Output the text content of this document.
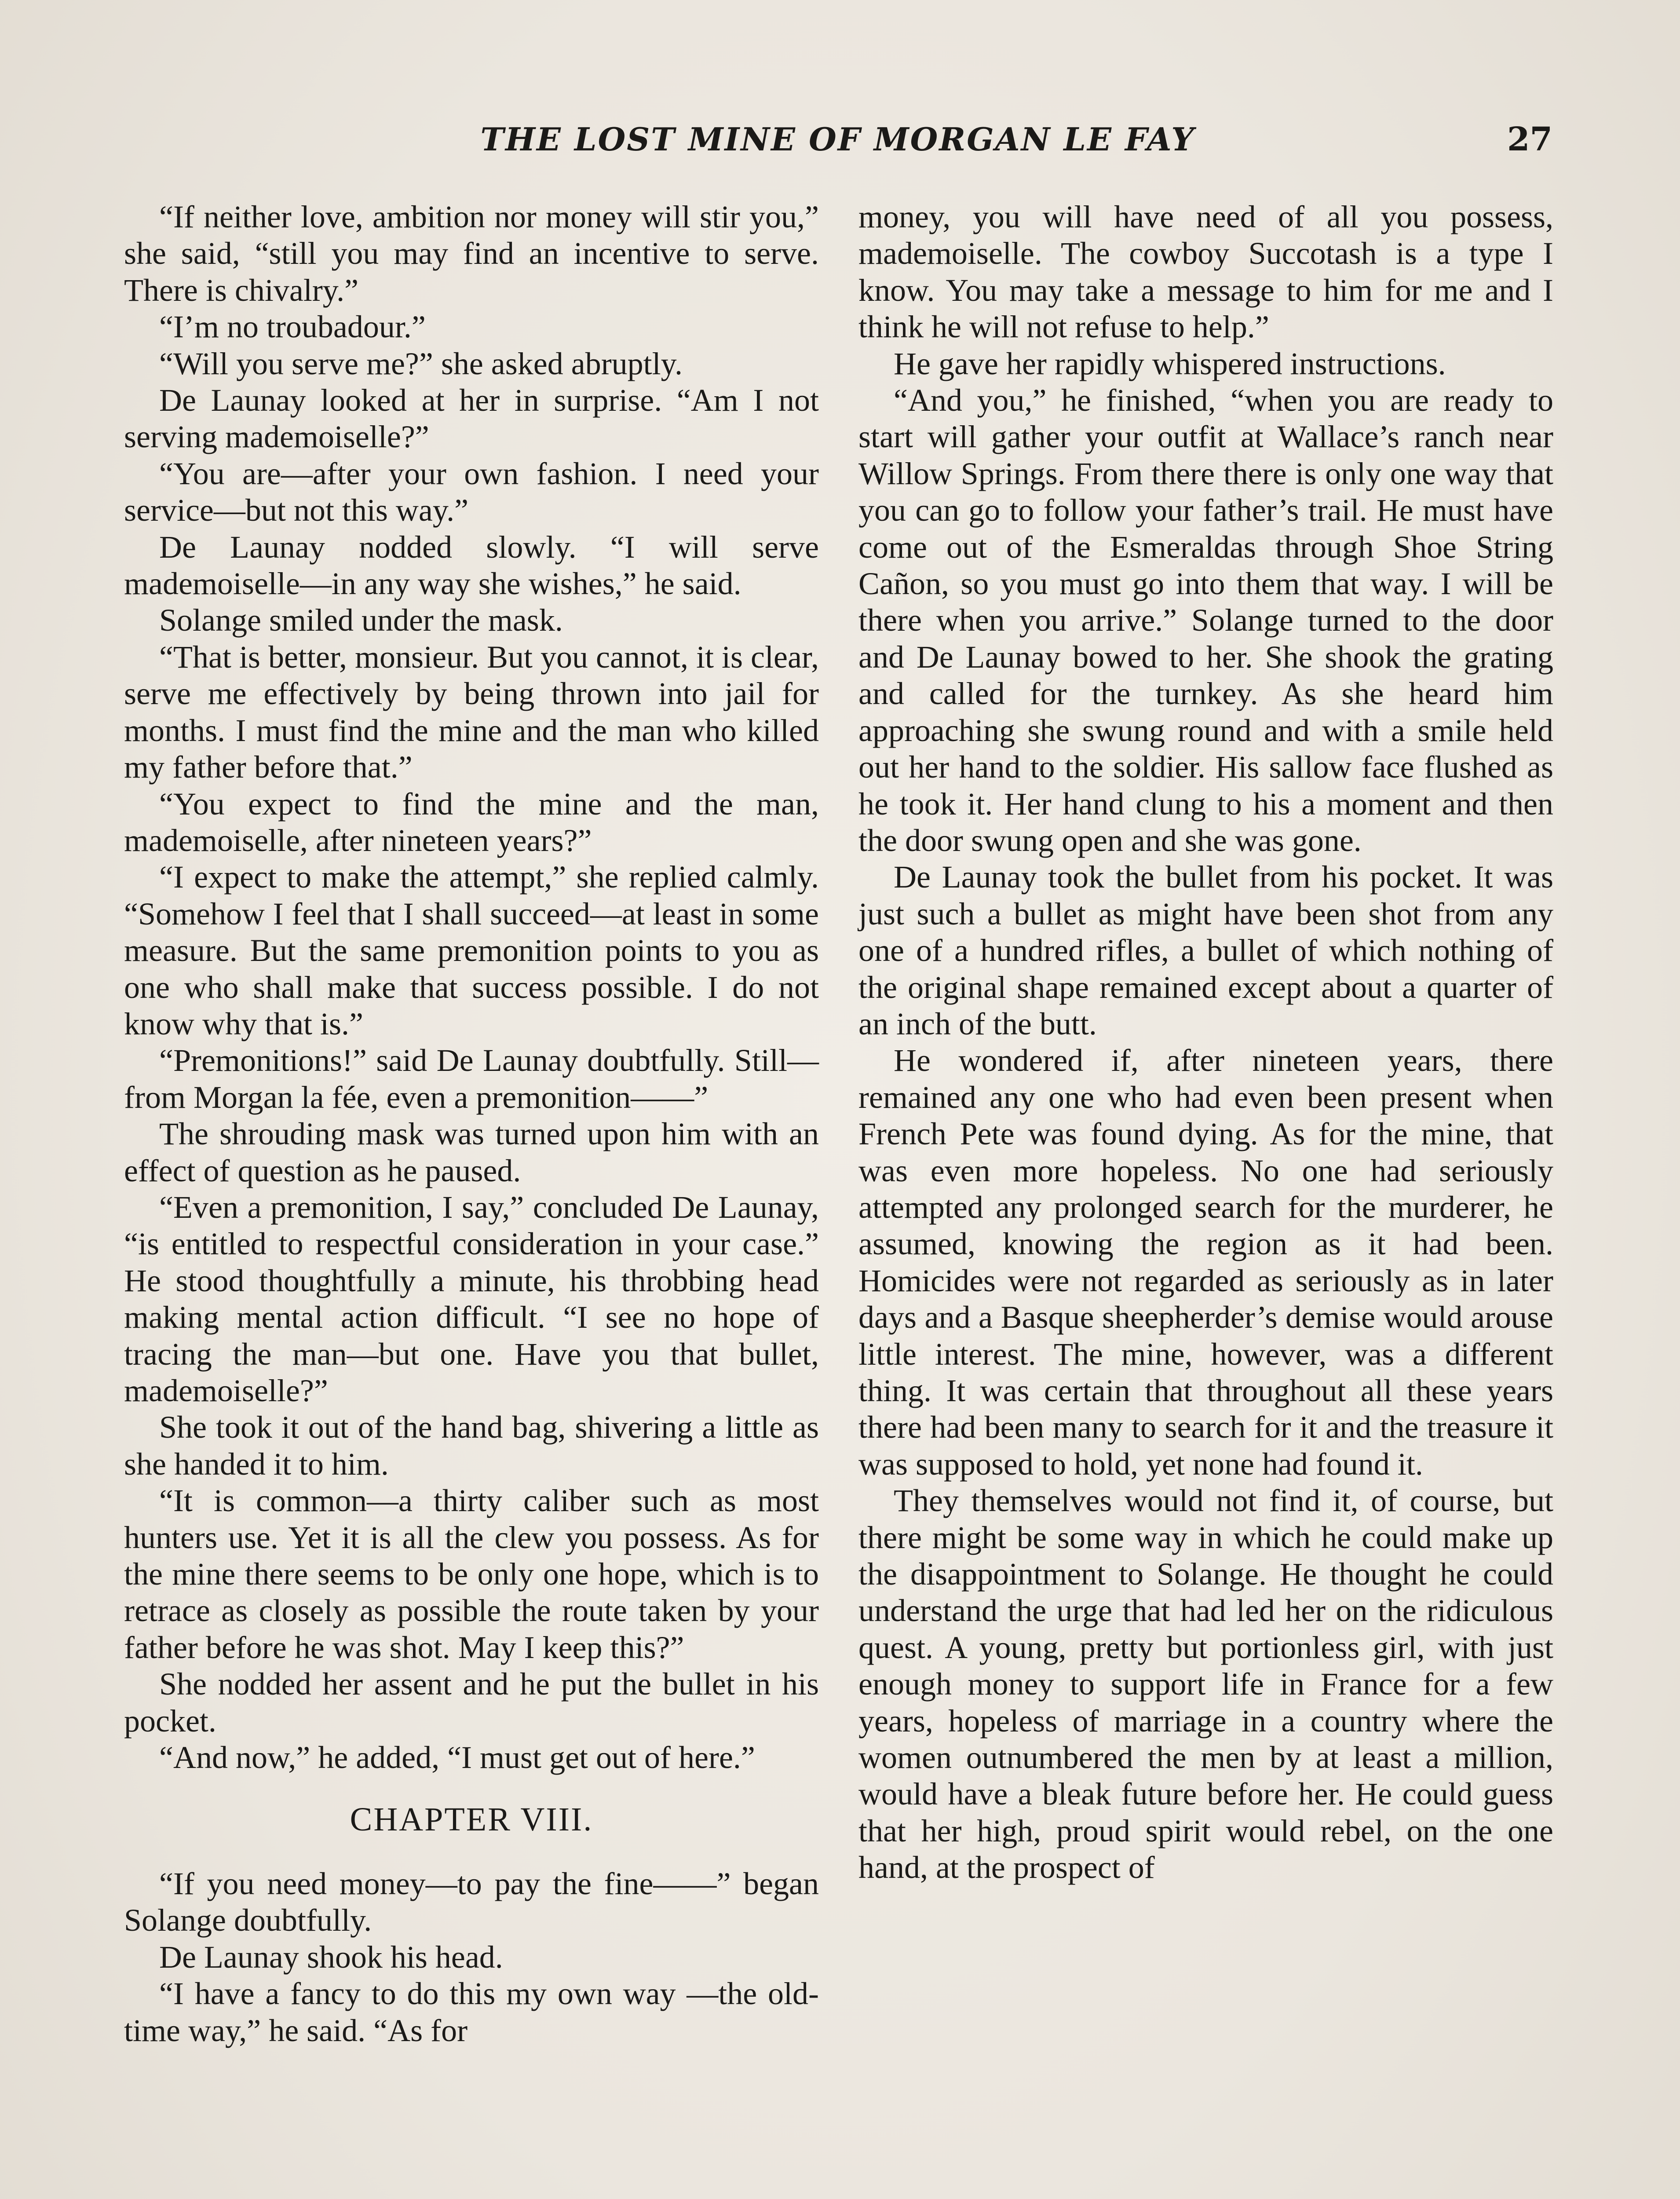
THE LOST MINE OF MORGAN LE FAY	27

“If neither love, ambition nor money will stir you,” she said, “still you may find an incentive to serve. There is chivalry.”

“I’m no troubadour.”

“Will you serve me?” she asked abruptly.

De Launay looked at her in surprise. “Am I not serving mademoiselle?”

“You are—after your own fashion. I need your service—but not this way.”

De Launay nodded slowly. “I will serve mademoiselle—in any way she wishes,” he said.

Solange smiled under the mask.

“That is better, monsieur. But you cannot, it is clear, serve me effectively by being thrown into jail for months. I must find the mine and the man who killed my father before that.”

“You expect to find the mine and the man, mademoiselle, after nineteen years?”

“I expect to make the attempt,” she replied calmly. “Somehow I feel that I shall succeed—at least in some measure. But the same premonition points to you as one who shall make that success possible. I do not know why that is.”

“Premonitions!” said De Launay doubtfully. Still—from Morgan la fée, even a premonition——”

The shrouding mask was turned upon him with an effect of question as he paused.

“Even a premonition, I say,” concluded De Launay, “is entitled to respectful consideration in your case.” He stood thoughtfully a minute, his throbbing head making mental action difficult. “I see no hope of tracing the man—but one. Have you that bullet, mademoiselle?”

She took it out of the hand bag, shivering a little as she handed it to him.

“It is common—a thirty caliber such as most hunters use. Yet it is all the clew you possess. As for the mine there seems to be only one hope, which is to retrace as closely as possible the route taken by your father before he was shot. May I keep this?”

She nodded her assent and he put the bullet in his pocket.

“And now,” he added, “I must get out of here.”

CHAPTER VIII.

“If you need money—to pay the fine——” began Solange doubtfully.

De Launay shook his head.

“I have a fancy to do this my own way —the old-time way,” he said. “As for

money, you will have need of all you possess, mademoiselle. The cowboy Succotash is a type I know. You may take a message to him for me and I think he will not refuse to help.”

He gave her rapidly whispered instructions.

“And you,” he finished, “when you are ready to start will gather your outfit at Wallace’s ranch near Willow Springs. From there there is only one way that you can go to follow your father’s trail. He must have come out of the Esmeraldas through Shoe String Cañon, so you must go into them that way. I will be there when you arrive.” Solange turned to the door and De Launay bowed to her. She shook the grating and called for the turnkey. As she heard him approaching she swung round and with a smile held out her hand to the soldier. His sallow face flushed as he took it. Her hand clung to his a moment and then the door swung open and she was gone.

De Launay took the bullet from his pocket. It was just such a bullet as might have been shot from any one of a hundred rifles, a bullet of which nothing of the original shape remained except about a quarter of an inch of the butt.

He wondered if, after nineteen years, there remained any one who had even been present when French Pete was found dying. As for the mine, that was even more hopeless. No one had seriously attempted any prolonged search for the murderer, he assumed, knowing the region as it had been. Homicides were not regarded as seriously as in later days and a Basque sheepherder’s demise would arouse little interest. The mine, however, was a different thing. It was certain that throughout all these years there had been many to search for it and the treasure it was supposed to hold, yet none had found it.

They themselves would not find it, of course, but there might be some way in which he could make up the disappointment to Solange. He thought he could understand the urge that had led her on the ridiculous quest. A young, pretty but portionless girl, with just enough money to support life in France for a few years, hopeless of marriage in a country where the women outnumbered the men by at least a million, would have a bleak future before her. He could guess that her high, proud spirit would rebel, on the one hand, at the prospect of
